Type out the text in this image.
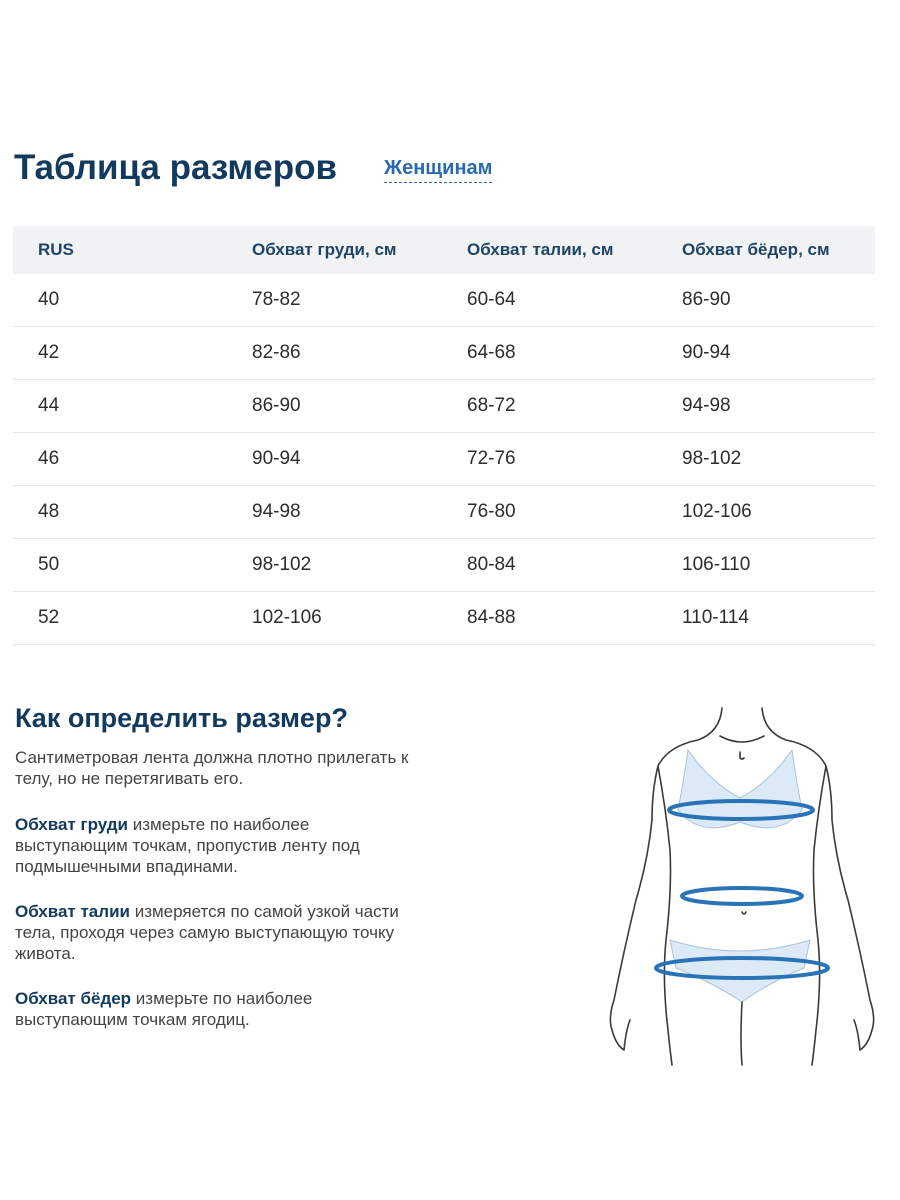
Таблица размеров Женщинам
RUS	Обхват груди, см	Обхват талии, см	Обхват бёдер, см
40	78-82	60-64	86-90
42	82-86	64-68	90-94
44	86-90	68-72	94-98
46	90-94	72-76	98-102
48	94-98	76-80	102-106
50	98-102	80-84	106-110
52	102-106	84-88	110-114
Как определить размер?

Сантиметровая лента должна плотно прилегать к телу, но не перетягивать его.

Обхват груди измерьте по наиболее выступающим точкам, пропустив ленту под подмышечными впадинами.

Обхват талии измеряется по самой узкой части тела, проходя через самую выступающую точку живота.

Обхват бёдер измерьте по наиболее выступающим точкам ягодиц.
